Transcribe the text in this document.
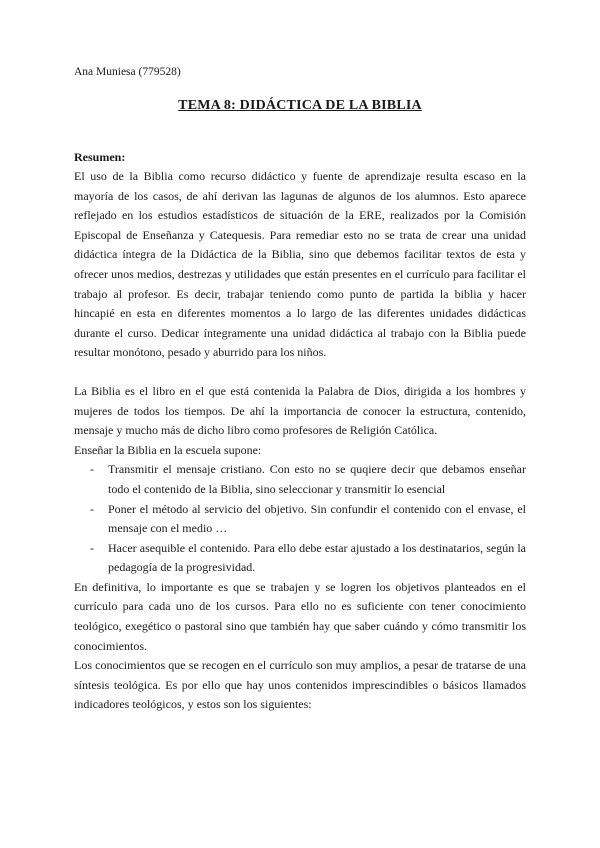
Ana Muniesa (779528)
TEMA 8: DIDÁCTICA DE LA BIBLIA
Resumen:

El uso de la Biblia como recurso didáctico y fuente de aprendizaje resulta escaso en la mayoría de los casos, de ahí derivan las lagunas de algunos de los alumnos. Esto aparece reflejado en los estudios estadísticos de situación de la ERE, realizados por la Comisión Episcopal de Enseñanza y Catequesis. Para remediar esto no se trata de crear una unidad didáctica íntegra de la Didáctica de la Biblia, sino que debemos facilitar textos de esta y ofrecer unos medios, destrezas y utilidades que están presentes en el currículo para facilitar el trabajo al profesor. Es decir, trabajar teniendo como punto de partida la biblia y hacer hincapié en esta en diferentes momentos a lo largo de las diferentes unidades didácticas durante el curso. Dedicar íntegramente una unidad didáctica al trabajo con la Biblia puede resultar monótono, pesado y aburrido para los niños.

La Biblia es el libro en el que está contenida la Palabra de Dios, dirigida a los hombres y mujeres de todos los tiempos. De ahí la importancia de conocer la estructura, contenido, mensaje y mucho más de dicho libro como profesores de Religión Católica.

Enseñar la Biblia en la escuela supone:

- Transmitir el mensaje cristiano. Con esto no se quqiere decir que debamos enseñar todo el contenido de la Biblia, sino seleccionar y transmitir lo esencial
- Poner el método al servicio del objetivo. Sin confundir el contenido con el envase, el mensaje con el medio …
- Hacer asequible el contenido. Para ello debe estar ajustado a los destinatarios, según la pedagogía de la progresividad.

En definitiva, lo importante es que se trabajen y se logren los objetivos planteados en el currículo para cada uno de los cursos. Para ello no es suficiente con tener conocimiento teológico, exegético o pastoral sino que también hay que saber cuándo y cómo transmitir los conocimientos.

Los conocimientos que se recogen en el currículo son muy amplios, a pesar de tratarse de una síntesis teológica. Es por ello que hay unos contenidos imprescindibles o básicos llamados indicadores teológicos, y estos son los siguientes:
